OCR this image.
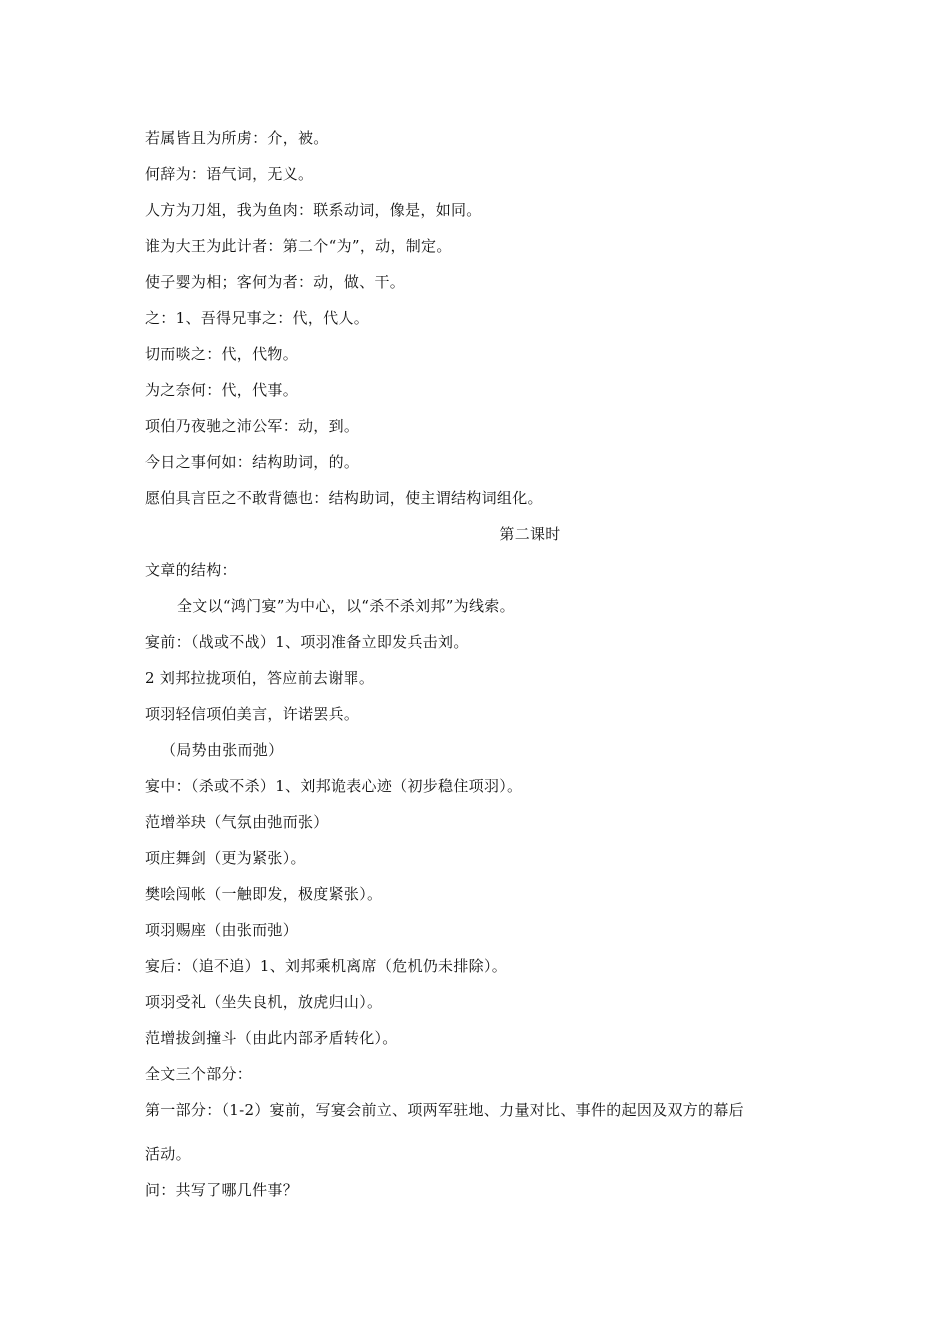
若属皆且为所虏：介，被。
何辞为：语气词，无义。
人方为刀俎，我为鱼肉：联系动词，像是，如同。
谁为大王为此计者：第二个“为”，动，制定。
使子婴为相；客何为者：动，做、干。
之：1、吾得兄事之：代，代人。
切而啖之：代，代物。
为之奈何：代，代事。
项伯乃夜驰之沛公军：动，到。
今日之事何如：结构助词，的。
愿伯具言臣之不敢背德也：结构助词，使主谓结构词组化。
第二课时
文章的结构：
全文以“鸿门宴”为中心，以“杀不杀刘邦”为线索。
宴前：（战或不战）1、项羽准备立即发兵击刘。
2 刘邦拉拢项伯，答应前去谢罪。
项羽轻信项伯美言，许诺罢兵。
（局势由张而弛）
宴中：（杀或不杀）1、刘邦诡表心迹（初步稳住项羽）。
范增举玦（气氛由弛而张）
项庄舞剑（更为紧张）。
樊哙闯帐（一触即发，极度紧张）。
项羽赐座（由张而弛）
宴后：（追不追）1、刘邦乘机离席（危机仍未排除）。
项羽受礼（坐失良机，放虎归山）。
范增拔剑撞斗（由此内部矛盾转化）。
全文三个部分：
第一部分：（1-2）宴前，写宴会前立、项两军驻地、力量对比、事件的起因及双方的幕后
活动。
问：共写了哪几件事？
